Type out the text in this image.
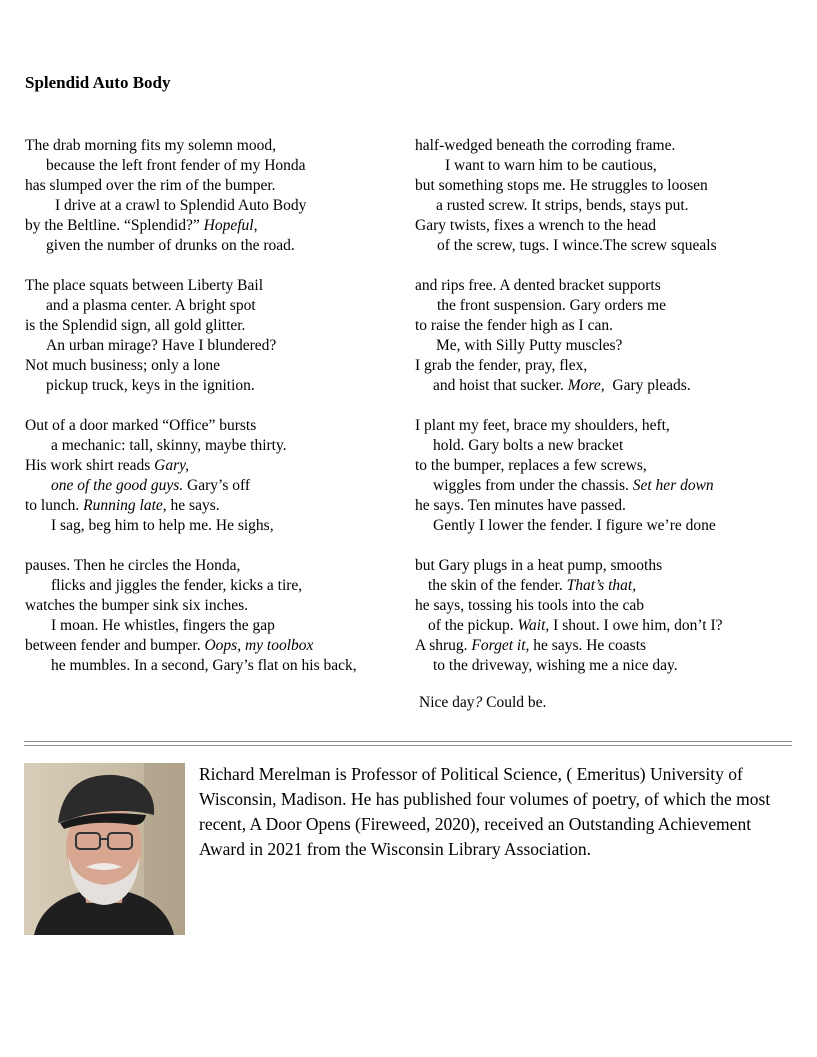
Splendid Auto Body
The drab morning fits my solemn mood,
because the left front fender of my Honda
has slumped over the rim of the bumper.
I drive at a crawl to Splendid Auto Body
by the Beltline. “Splendid?” Hopeful,
given the number of drunks on the road.
The place squats between Liberty Bail
and a plasma center. A bright spot
is the Splendid sign, all gold glitter.
An urban mirage? Have I blundered?
Not much business; only a lone
pickup truck, keys in the ignition.
Out of a door marked “Office” bursts
a mechanic: tall, skinny, maybe thirty.
His work shirt reads Gary,
one of the good guys. Gary’s off
to lunch. Running late, he says.
I sag, beg him to help me. He sighs,
pauses. Then he circles the Honda,
flicks and jiggles the fender, kicks a tire,
watches the bumper sink six inches.
I moan. He whistles, fingers the gap
between fender and bumper. Oops, my toolbox
he mumbles. In a second, Gary’s flat on his back,
half-wedged beneath the corroding frame.
I want to warn him to be cautious,
but something stops me. He struggles to loosen
a rusted screw. It strips, bends, stays put.
Gary twists, fixes a wrench to the head
of the screw, tugs. I wince.The screw squeals
and rips free. A dented bracket supports
the front suspension. Gary orders me
to raise the fender high as I can.
Me, with Silly Putty muscles?
I grab the fender, pray, flex,
and hoist that sucker. More,  Gary pleads.
I plant my feet, brace my shoulders, heft,
hold. Gary bolts a new bracket
to the bumper, replaces a few screws,
wiggles from under the chassis. Set her down
he says. Ten minutes have passed.
Gently I lower the fender. I figure we’re done
but Gary plugs in a heat pump, smooths
the skin of the fender. That’s that,
he says, tossing his tools into the cab
of the pickup. Wait, I shout. I owe him, don’t I?
A shrug. Forget it, he says. He coasts
to the driveway, wishing me a nice day.
Nice day? Could be.
Richard Merelman is Professor of Political Science, ( Emeritus) University of Wisconsin, Madison. He has published four volumes of poetry, of which the most recent, A Door Opens (Fireweed, 2020), received an Outstanding Achievement Award in 2021 from the Wisconsin Library Association.
